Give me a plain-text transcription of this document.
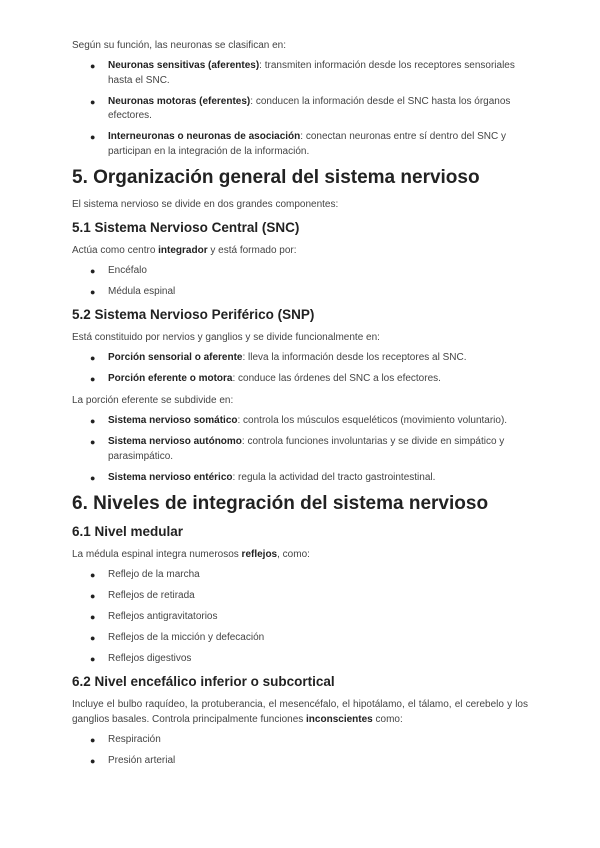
Según su función, las neuronas se clasifican en:

● Neuronas sensitivas (aferentes): transmiten información desde los receptores sensoriales hasta el SNC.
● Neuronas motoras (eferentes): conducen la información desde el SNC hasta los órganos efectores.
● Interneuronas o neuronas de asociación: conectan neuronas entre sí dentro del SNC y participan en la integración de la información.
5. Organización general del sistema nervioso

El sistema nervioso se divide en dos grandes componentes:

5.1 Sistema Nervioso Central (SNC)

Actúa como centro integrador y está formado por:

● Encéfalo
● Médula espinal
5.2 Sistema Nervioso Periférico (SNP)

Está constituido por nervios y ganglios y se divide funcionalmente en:

● Porción sensorial o aferente: lleva la información desde los receptores al SNC.
● Porción eferente o motora: conduce las órdenes del SNC a los efectores.

La porción eferente se subdivide en:

● Sistema nervioso somático: controla los músculos esqueléticos (movimiento voluntario).
● Sistema nervioso autónomo: controla funciones involuntarias y se divide en simpático y parasimpático.
● Sistema nervioso entérico: regula la actividad del tracto gastrointestinal.
6. Niveles de integración del sistema nervioso
6.1 Nivel medular

La médula espinal integra numerosos reflejos, como:

● Reflejo de la marcha
● Reflejos de retirada
● Reflejos antigravitatorios
● Reflejos de la micción y defecación
● Reflejos digestivos
6.2 Nivel encefálico inferior o subcortical

Incluye el bulbo raquídeo, la protuberancia, el mesencéfalo, el hipotálamo, el tálamo, el cerebelo y los ganglios basales. Controla principalmente funciones inconscientes como:

● Respiración
● Presión arterial
